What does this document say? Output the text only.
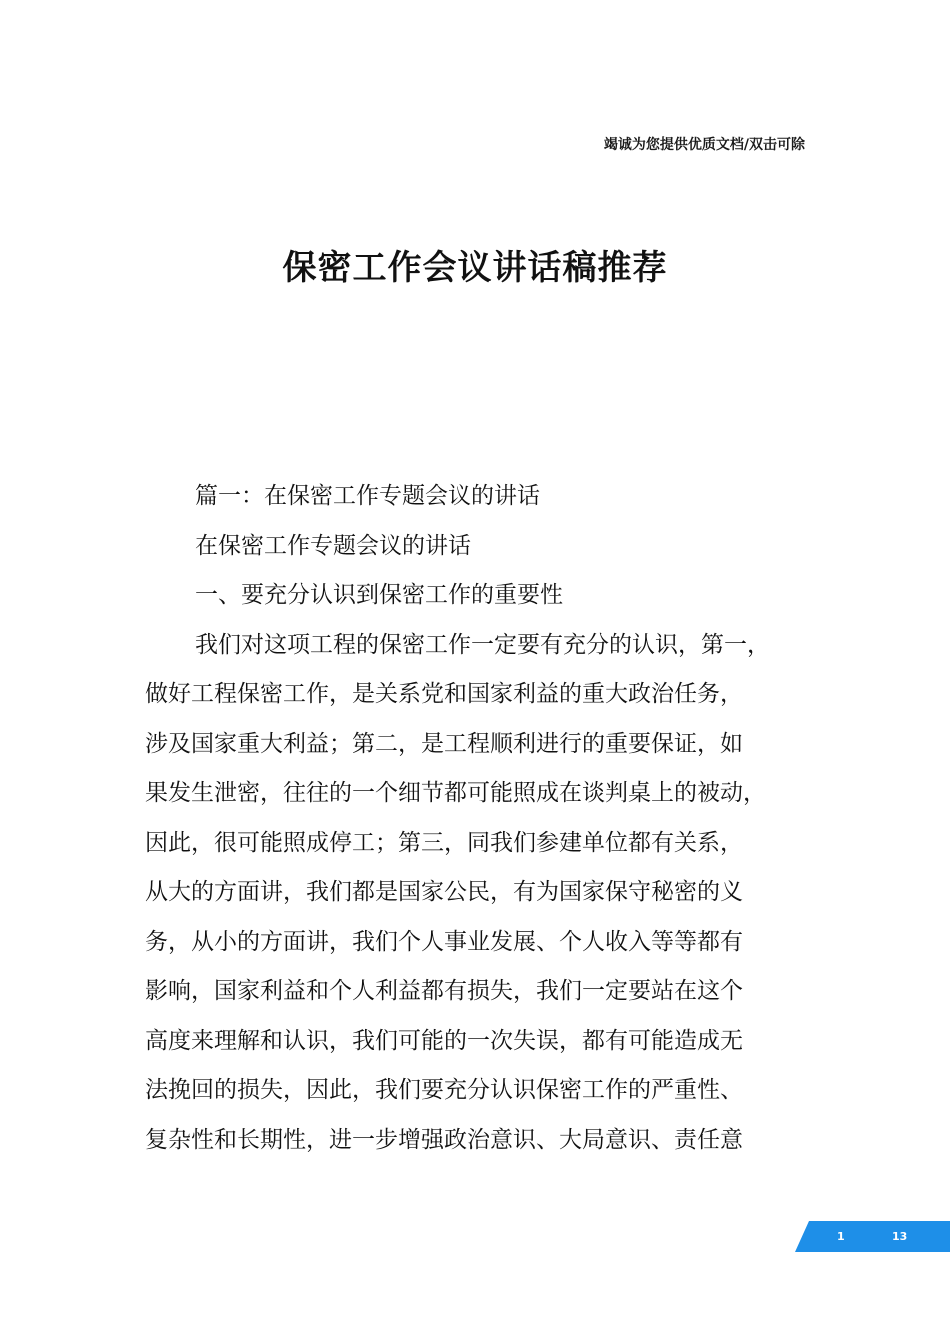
竭诚为您提供优质文档/双击可除
保密工作会议讲话稿推荐
篇一：在保密工作专题会议的讲话
在保密工作专题会议的讲话
一、要充分认识到保密工作的重要性
我们对这项工程的保密工作一定要有充分的认识，第一，
做好工程保密工作，是关系党和国家利益的重大政治任务，
涉及国家重大利益；第二，是工程顺利进行的重要保证，如
果发生泄密，往往的一个细节都可能照成在谈判桌上的被动，
因此，很可能照成停工；第三，同我们参建单位都有关系，
从大的方面讲，我们都是国家公民，有为国家保守秘密的义
务，从小的方面讲，我们个人事业发展、个人收入等等都有
影响，国家利益和个人利益都有损失，我们一定要站在这个
高度来理解和认识，我们可能的一次失误，都有可能造成无
法挽回的损失，因此，我们要充分认识保密工作的严重性、
复杂性和长期性，进一步增强政治意识、大局意识、责任意
1	13
